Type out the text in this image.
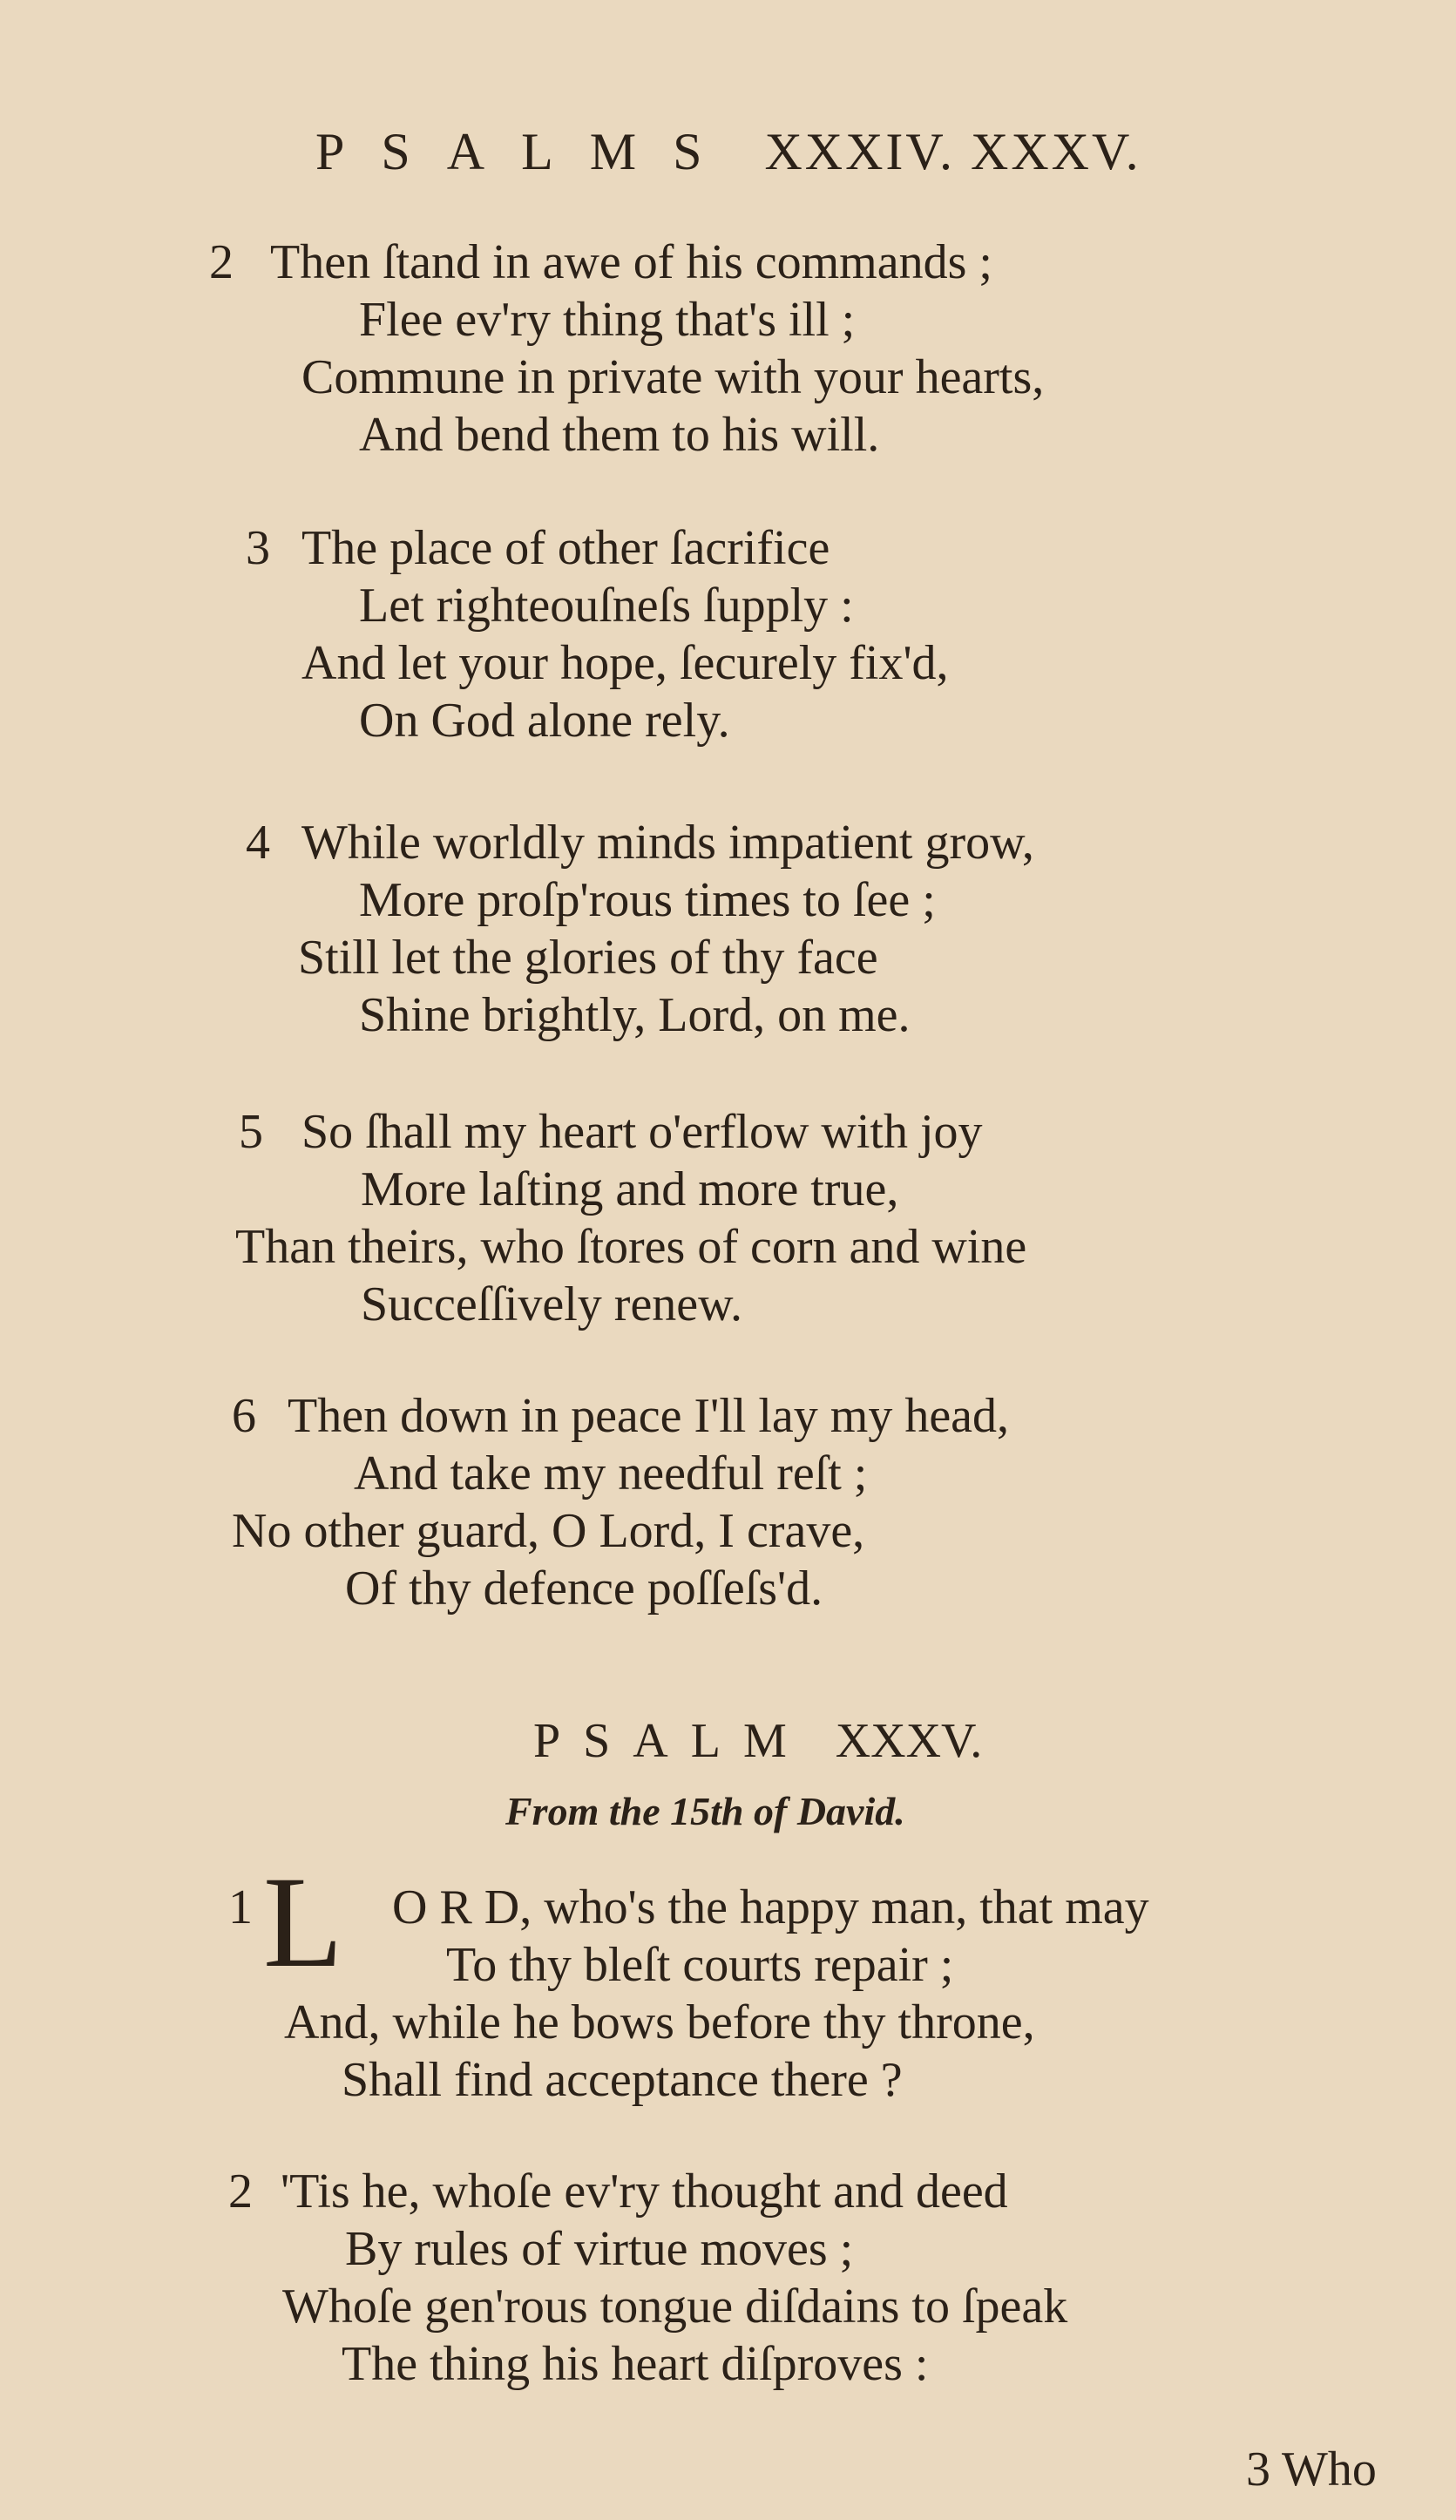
PSALMS XXXIV. XXXV.
2 Then ſtand in awe of his commands ;
Flee ev'ry thing that's ill ;
Commune in private with your hearts,
And bend them to his will.
3 The place of other ſacrifice
Let righteouſneſs ſupply :
And let your hope, ſecurely fix'd,
On God alone rely.
4 While worldly minds impatient grow,
More proſp'rous times to ſee ;
Still let the glories of thy face
Shine brightly, Lord, on me.
5 So ſhall my heart o'erflow with joy
More laſting and more true,
Than theirs, who ſtores of corn and wine
Succeſſively renew.
6 Then down in peace I'll lay my head,
And take my needful reſt ;
No other guard, O Lord, I crave,
Of thy defence poſſeſs'd.
PSALM XXXV.
From the 15th of David.
L
1	O R D, who's the happy man, that may
To thy bleſt courts repair ;
And, while he bows before thy throne,
Shall find acceptance there ?
2 'Tis he, whoſe ev'ry thought and deed
By rules of virtue moves ;
Whoſe gen'rous tongue diſdains to ſpeak
The thing his heart diſproves :
3 Who
